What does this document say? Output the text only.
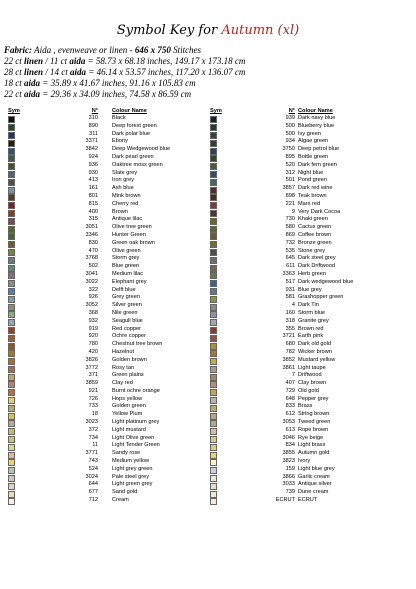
Symbol Key for Autumn (xl)
Fabric: Aida , evenweave or linen - 646 x 750 Stitches
22 ct linen / 11 ct aida = 58.73 x 68.18 inches, 149.17 x 173.18 cm
28 ct linen / 14 ct aida = 46.14 x 53.57 inches, 117.20 x 136.07 cm
18 ct aida = 35.89 x 41.67 inches, 91.16 x 105.83 cm
22 ct aida = 29.36 x 34.09 inches, 74.58 x 86.59 cm
Sym	N°	Colour Name
310	Black
890	Deep forest green
311	Dark polar blue
3371	Ebony
3842	Deep Wedgewood blue
924	Dark pearl green
936	Oaktree moss green
930	Slate grey
413	Iron grey
161	Ash blue
801	Mink brown
815	Cherry red
400	Brown
315	Antique lilac
3051	Olive tree green
3346	Hunter Green
830	Green oak brown
470	Olive green
3768	Storm grey
502	Blue green
3041	Medium lilac
3022	Elephant grey
322	Delft blue
926	Grey green
3052	Silver green
368	Nile green
932	Seagull blue
919	Red copper
920	Ochre copper
780	Chestnut tree brown
420	Hazelnut
3826	Golden brown
3772	Rosy tan
371	Green plains
3859	Clay red
921	Burnt ochre orange
726	Hops yellow
733	Golden green
18	Yellow Plum
3023	Light platinum grey
372	Light mustard
734	Light Olive green
11	Light Tender Green
3771	Sandy rose
743	Medium yellow
524	Light grey green
3024	Pale steel grey
644	Light green grey
677	Sand gold
712	Cream
Sym	N° Colour Name
939 Dark navy blue
500 Blueberry blue
500 Ivy green
934 Algae green
3750 Deep petrol blue
895 Bottle green
520 Dark fern green
312 Night blue
501 Pond green
3857 Dark red wine
898 Teak brown
221 Mars red
9 Very Dark Cocoa
730 Khaki green
580 Cactus green
869 Coffee brown
732 Bronze green
535 Stone grey
645 Dark steel grey
611 Dark Driftwood
3363 Herb green
517 Dark wedgewood blue
931 Blue grey
581 Grashopper green
4 Dark Tin
160 Storm blue
318 Granite grey
355 Brown red
3721 Earth pink
680 Dark old gold
782 Wicker brown
3852 Mustard yellow
3861 Light taupe
7 Driftwood
407 Clay brown
729 Old gold
648 Pepper grey
833 Brass
612 String brown
3053 Tweed green
613 Rope brown
3046 Rye beige
834 Light brass
3855 Autumn gold
3823 Ivory
159 Light blue grey
3866 Garlic cream
3033 Antique silver
739 Dune cream
ECRUT ECRUT
